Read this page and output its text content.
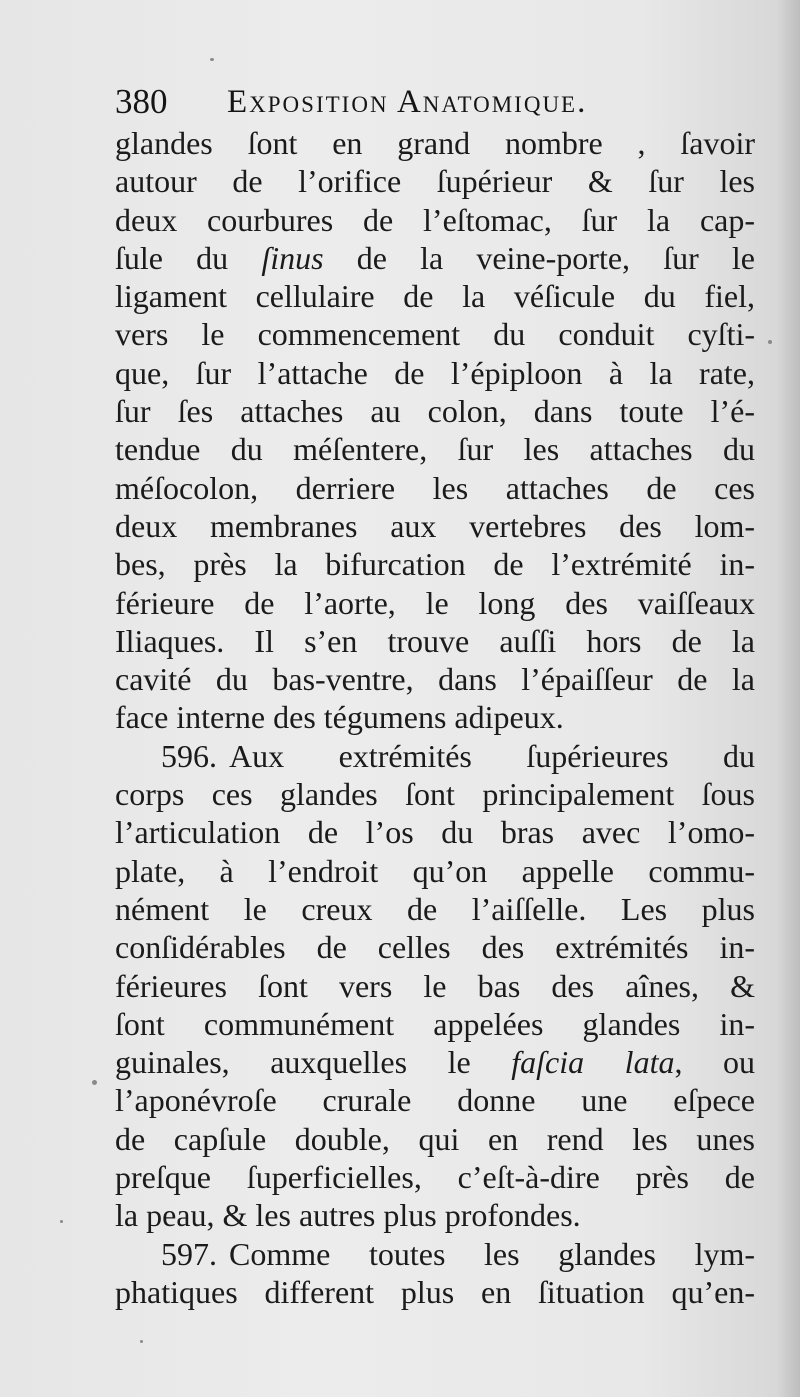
380 Exposition Anatomique.
glandes ſont en grand nombre , ſavoir
autour de l’orifice ſupérieur & ſur les
deux courbures de l’eſtomac, ſur la cap-
ſule du ſinus de la veine-porte, ſur le
ligament cellulaire de la véſicule du fiel,
vers le commencement du conduit cyſti-
que, ſur l’attache de l’épiploon à la rate,
ſur ſes attaches au colon, dans toute l’é-
tendue du méſentere, ſur les attaches du
méſocolon, derriere les attaches de ces
deux membranes aux vertebres des lom-
bes, près la bifurcation de l’extrémité in-
férieure de l’aorte, le long des vaiſſeaux
Iliaques. Il s’en trouve auſſi hors de la
cavité du bas-ventre, dans l’épaiſſeur de la
face interne des tégumens adipeux.
596. Aux extrémités ſupérieures du
corps ces glandes ſont principalement ſous
l’articulation de l’os du bras avec l’omo-
plate, à l’endroit qu’on appelle commu-
nément le creux de l’aiſſelle. Les plus
conſidérables de celles des extrémités in-
férieures ſont vers le bas des aînes, &
ſont communément appelées glandes in-
guinales, auxquelles le faſcia lata, ou
l’aponévroſe crurale donne une eſpece
de capſule double, qui en rend les unes
preſque ſuperficielles, c’eſt-à-dire près de
la peau, & les autres plus profondes.
597. Comme toutes les glandes lym-
phatiques different plus en ſituation qu’en-
